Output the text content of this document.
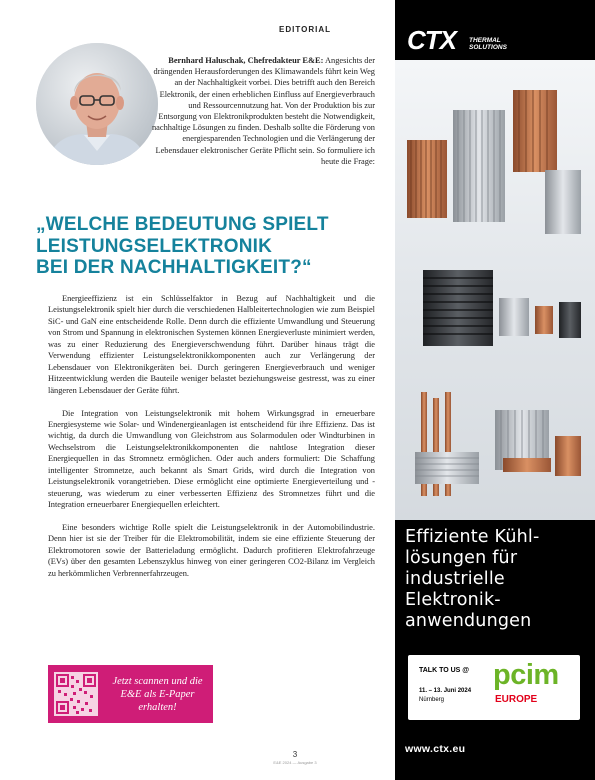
EDITORIAL
Bernhard Haluschak, Chefredakteur E&E: Angesichts der drängenden Herausforderungen des Klimawandels führt kein Weg an der Nachhaltigkeit vorbei. Dies betrifft auch den Bereich Elektronik, der einen erheblichen Einfluss auf Energieverbrauch und Ressourcennutzung hat. Von der Produktion bis zur Entsorgung von Elektronikprodukten besteht die Notwendigkeit, nachhaltige Lösungen zu finden. Deshalb sollte die Förderung von energiesparenden Technologien und die Verlängerung der Lebensdauer elektronischer Geräte Pflicht sein. So formuliere ich heute die Frage:
„WELCHE BEDEUTUNG SPIELT
LEISTUNGSELEKTRONIK
BEI DER NACHHALTIGKEIT?“

Energieeffizienz ist ein Schlüsselfaktor in Bezug auf Nachhaltigkeit und die Leistungselektronik spielt hier durch die verschiedenen Halbleitertechnologien wie zum Beispiel SiC- und GaN eine entscheidende Rolle. Denn durch die effiziente Umwandlung und Steuerung von Strom und Spannung in elektronischen Systemen können Energieverluste minimiert werden, was zu einer Reduzierung des Energieverschwendung führt. Darüber hinaus trägt die Verwendung effizienter Leistungselektronikkomponenten auch zur Verlängerung der Lebensdauer von Elektronikgeräten bei. Durch geringeren Energieverbrauch und weniger Hitzeentwicklung werden die Bauteile weniger belastet beziehungsweise gestresst, was zu einer längeren Lebensdauer der Geräte führt.

Die Integration von Leistungselektronik mit hohem Wirkungsgrad in erneuerbare Energiesysteme wie Solar- und Windenergieanlagen ist entscheidend für ihre Effizienz. Das ist wichtig, da durch die Umwandlung von Gleichstrom aus Solarmodulen oder Windturbinen in Wechselstrom die Leistungselektronikkomponenten die nahtlose Integration dieser Energiequellen in das Stromnetz ermöglichen. Oder auch anders formuliert: Die Schaffung intelligenter Stromnetze, auch bekannt als Smart Grids, wird durch die Integration von Leistungselektronik vorangetrieben. Diese ermöglicht eine optimierte Energieverteilung und -steuerung, was wiederum zu einer verbesserten Effizienz des Stromnetzes führt und die Integration erneuerbarer Energiequellen erleichtert.

Eine besonders wichtige Rolle spielt die Leistungselektronik in der Automobilindustrie. Denn hier ist sie der Treiber für die Elektromobilität, indem sie eine effiziente Steuerung der Elektromotoren sowie der Batterieladung ermöglicht. Dadurch profitieren Elektrofahrzeuge (EVs) über den gesamten Lebenszyklus hinweg von einer geringeren CO2-Bilanz im Vergleich zu herkömmlichen Verbrennerfahrzeugen.

Jetzt scannen und die E&E als E-Paper erhalten!
3
E&E 2024 — Ausgabe 3
CTX THERMAL
SOLUTIONS
Effiziente Kühl-
lösungen für
industrielle
Elektronik-
anwendungen
TALK TO US @
11. – 13. Juni 2024
Nürnberg
pcim
EUROPE
www.ctx.eu
